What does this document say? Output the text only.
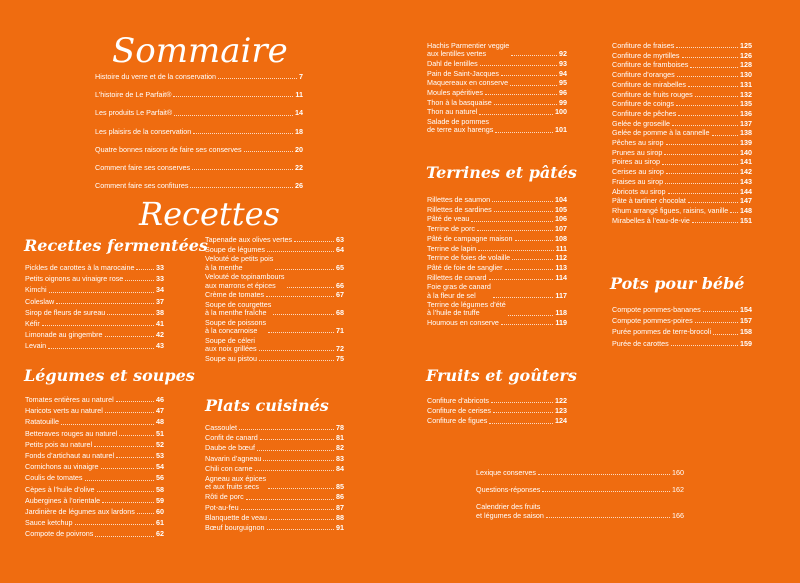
Sommaire
Histoire du verre et de la conservation	7
L’histoire de Le Parfait®	11
Les produits Le Parfait®	14
Les plaisirs de la conservation	18
Quatre bonnes raisons de faire ses conserves	20
Comment faire ses conserves	22
Comment faire ses confitures	26
Recettes
Recettes fermentées
Pickles de carottes à la marocaine	33
Petits oignons au vinaigre rose	33
Kimchi	34
Coleslaw	37
Sirop de fleurs de sureau	38
Kéfir	41
Limonade au gingembre	42
Levain	43
Légumes et soupes
Tomates entières au naturel	46
Haricots verts au naturel	47
Ratatouille	48
Betteraves rouges au naturel	51
Petits pois au naturel	52
Fonds d’artichaut au naturel	53
Cornichons au vinaigre	54
Coulis de tomates	56
Cèpes à l’huile d’olive	58
Aubergines à l’orientale	59
Jardinière de légumes aux lardons	60
Sauce ketchup	61
Compote de poivrons	62
Tapenade aux olives vertes	63
Soupe de légumes	64
Velouté de petits pois
à la menthe	65
Velouté de topinambours
aux marrons et épices	66
Crème de tomates	67
Soupe de courgettes
à la menthe fraîche	68
Soupe de poissons
à la concarnoise	71
Soupe de céleri
aux noix grillées	72
Soupe au pistou	75
Plats cuisinés
Cassoulet	78
Confit de canard	81
Daube de bœuf	82
Navarin d’agneau	83
Chili con carne	84
Agneau aux épices
et aux fruits secs	85
Rôti de porc	86
Pot-au-feu	87
Blanquette de veau	88
Bœuf bourguignon	91
Hachis Parmentier veggie
aux lentilles vertes	92
Dahl de lentilles	93
Pain de Saint-Jacques	94
Maquereaux en conserve	95
Moules apéritives	96
Thon à la basquaise	99
Thon au naturel	100
Salade de pommes
de terre aux harengs	101
Terrines et pâtés
Rillettes de saumon	104
Rillettes de sardines	105
Pâté de veau	106
Terrine de porc	107
Pâté de campagne maison	108
Terrine de lapin	111
Terrine de foies de volaille	112
Pâté de foie de sanglier	113
Rillettes de canard	114
Foie gras de canard
à la fleur de sel	117
Terrine de légumes d’été
à l’huile de truffe	118
Houmous en conserve	119
Fruits et goûters
Confiture d’abricots	122
Confiture de cerises	123
Confiture de figues	124
Confiture de fraises	125
Confiture de myrtilles	126
Confiture de framboises	128
Confiture d’oranges	130
Confiture de mirabelles	131
Confiture de fruits rouges	132
Confiture de coings	135
Confiture de pêches	136
Gelée de groseille	137
Gelée de pomme à la cannelle	138
Pêches au sirop	139
Prunes au sirop	140
Poires au sirop	141
Cerises au sirop	142
Fraises au sirop	143
Abricots au sirop	144
Pâte à tartiner chocolat	147
Rhum arrangé figues, raisins, vanille 148
Mirabelles à l’eau-de-vie	151
Pots pour bébé
Compote pommes-bananes	154
Compote pommes-poires	157
Purée pommes de terre-brocoli	158
Purée de carottes	159
Lexique conserves	160
Questions-réponses	162
Calendrier des fruits
et légumes de saison	166
